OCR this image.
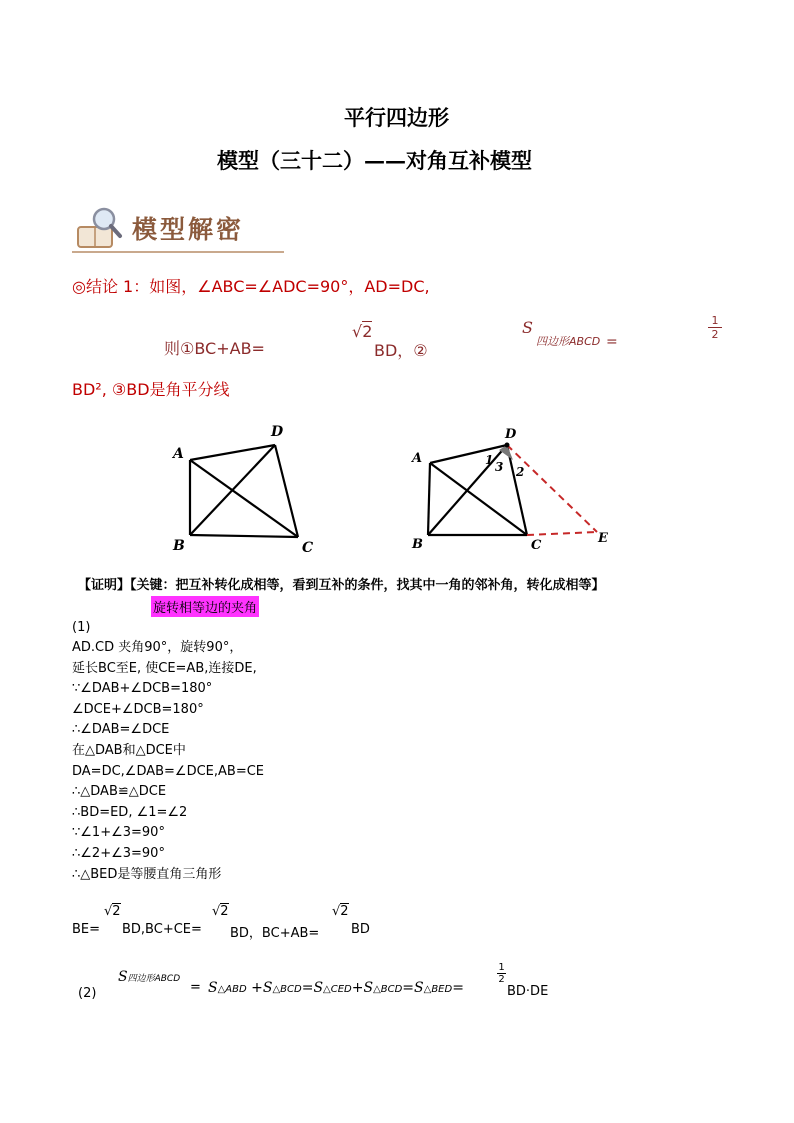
平行四边形
模型（三十二）——对角互补模型
模型解密
◎结论 1：如图，∠ABC=∠ADC=90°，AD=DC,
则①BC+AB=
√2
BD，②
S
四边形ABCD =
$\frac{1}{2}$
BD², ③BD是角平分线
A
B	C
D
A
B	C
D
E
1
2
3
【证明】【关键：把互补转化成相等，看到互补的条件，找其中一角的邻补角，转化成相等】
旋转相等边的夹角
(1)
AD.CD 夹角90°，旋转90°，
延长BC至E, 使CE=AB,连接DE,
∵∠DAB+∠DCB=180°
∠DCE+∠DCB=180°
∴∠DAB=∠DCE
在△DAB和△DCE中
DA=DC,∠DAB=∠DCE,AB=CE
∴△DAB≌△DCE
∴BD=ED, ∠1=∠2
∵∠1+∠3=90°
∴∠2+∠3=90°
∴△BED是等腰直角三角形
BE=
√2
BD,BC+CE=
√2
BD，BC+AB=
√2
BD
(2)
S四边形ABCD
= S△ABD +S△BCD=S△CED+S△BCD=S△BED=
1
2
BD·DE
